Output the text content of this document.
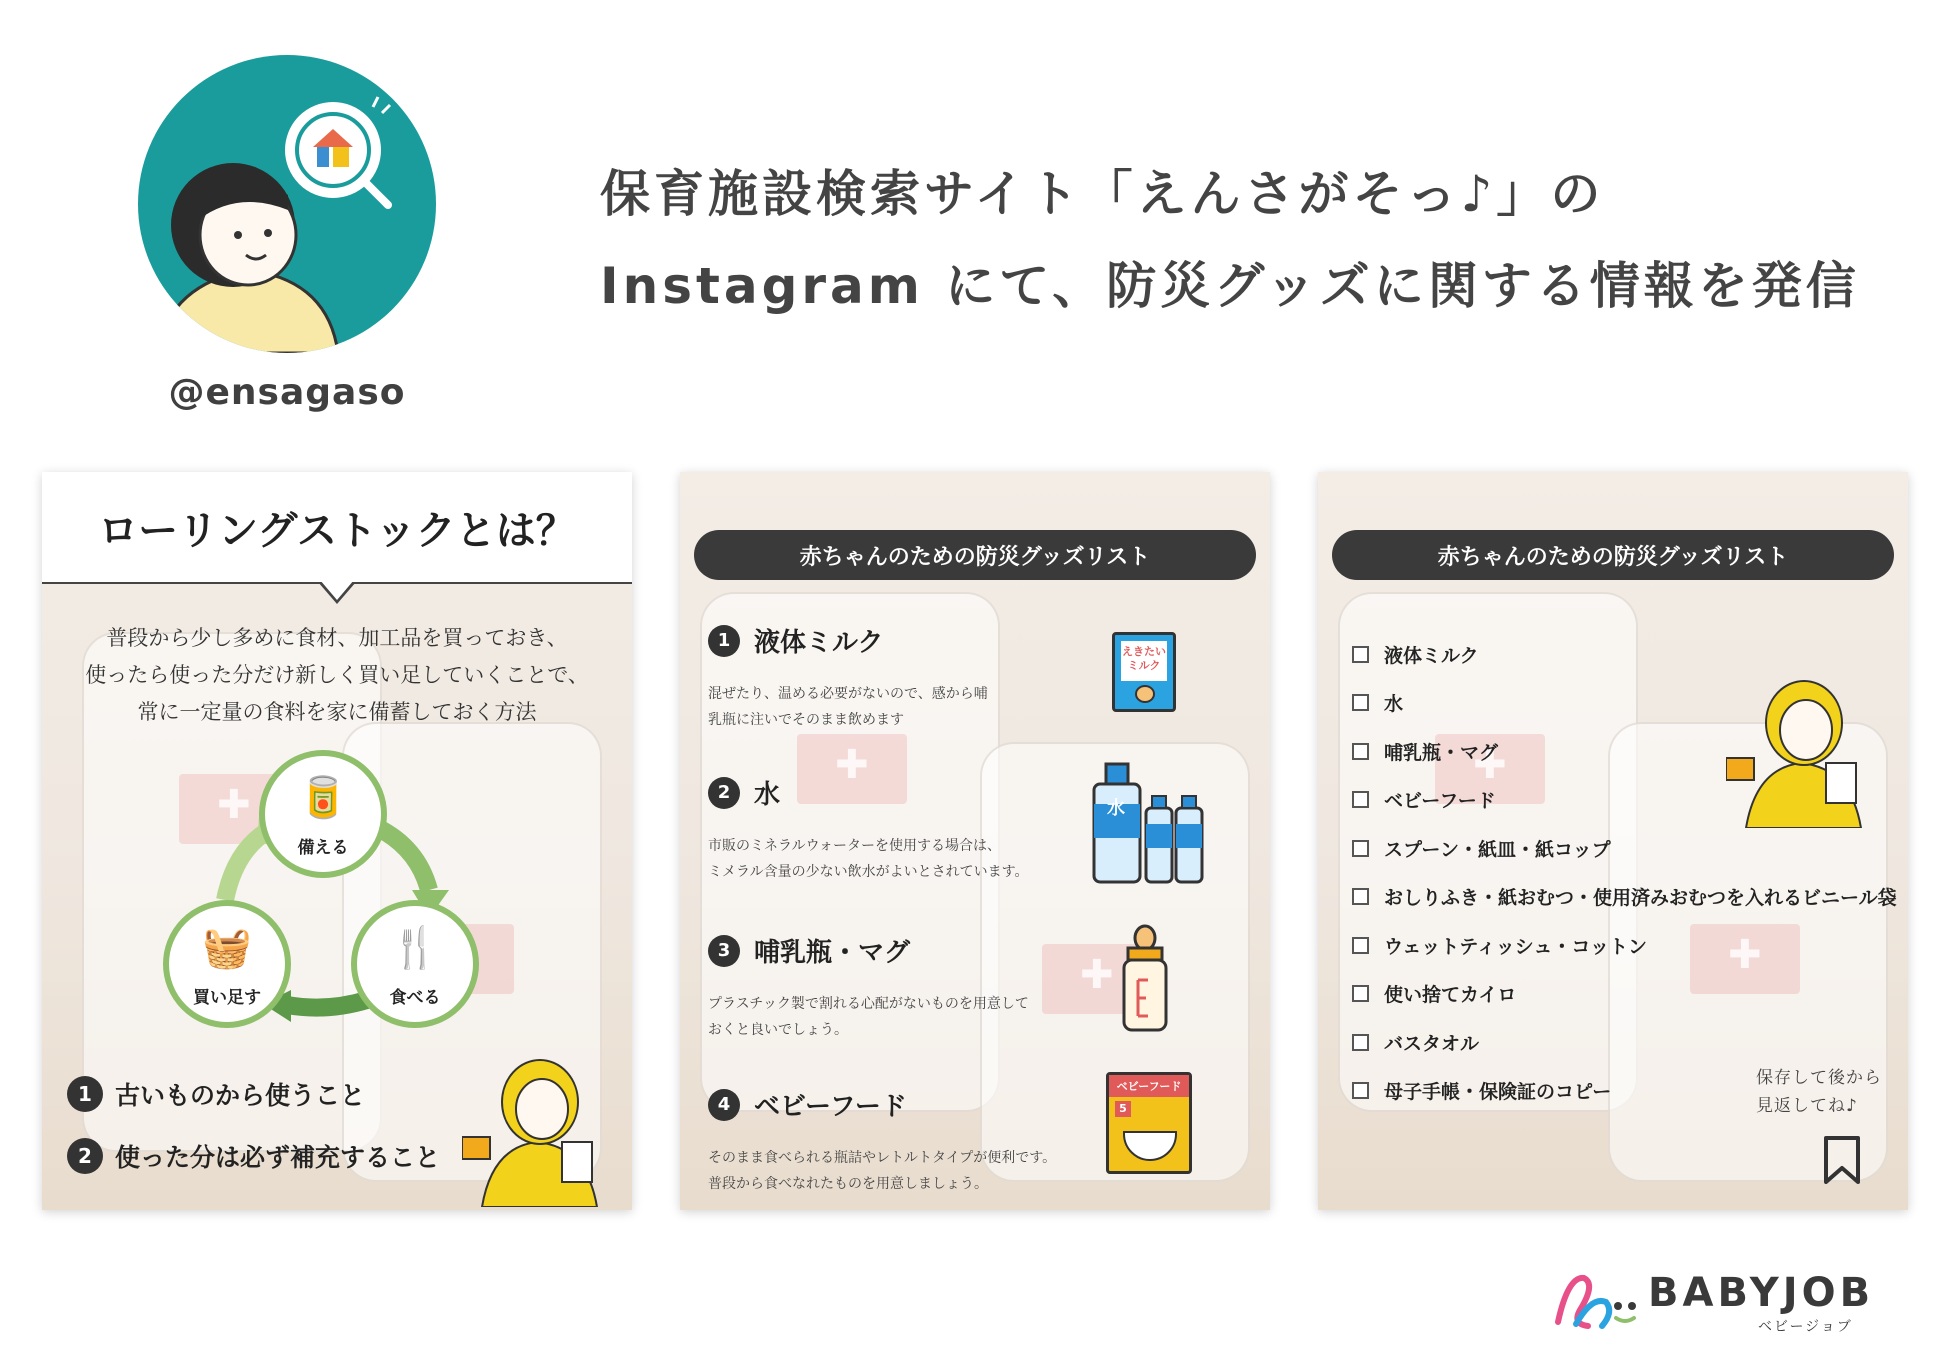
@ensagaso
保育施設検索サイト「えんさがそっ♪」の
Instagram にて、防災グッズに関する情報を発信
✚
✚
ローリングストックとは？
普段から少し多めに食材、加工品を買っておき、
使ったら使った分だけ新しく買い足していくことで、
常に一定量の食料を家に備蓄しておく方法
🥫
備える
🍴
食べる
🧺
買い足す
1 古いものから使うこと
2 使った分は必ず補充すること
✚
✚
赤ちゃんのための防災グッズリスト
1 液体ミルク
混ぜたり、温める必要がないので、感から哺
乳瓶に注いでそのまま飲めます
2 水
市販のミネラルウォーターを使用する場合は、
ミメラル含量の少ない飲水がよいとされています。
3 哺乳瓶・マグ
プラスチック製で割れる心配がないものを用意して
おくと良いでしょう。
4 ベビーフード
そのまま食べられる瓶詰やレトルトタイプが便利です。
普段から食べなれたものを用意しましょう。
えきたい
ミルク
水
ベビーフード
5
✚
✚
赤ちゃんのための防災グッズリスト
液体ミルク
水
哺乳瓶・マグ
ベビーフード
スプーン・紙皿・紙コップ
おしりふき・紙おむつ・使用済みおむつを入れるビニール袋
ウェットティッシュ・コットン
使い捨てカイロ
バスタオル
母子手帳・保険証のコピー
保存して後から
見返してね♪
BABYJOB
ベビージョブ
